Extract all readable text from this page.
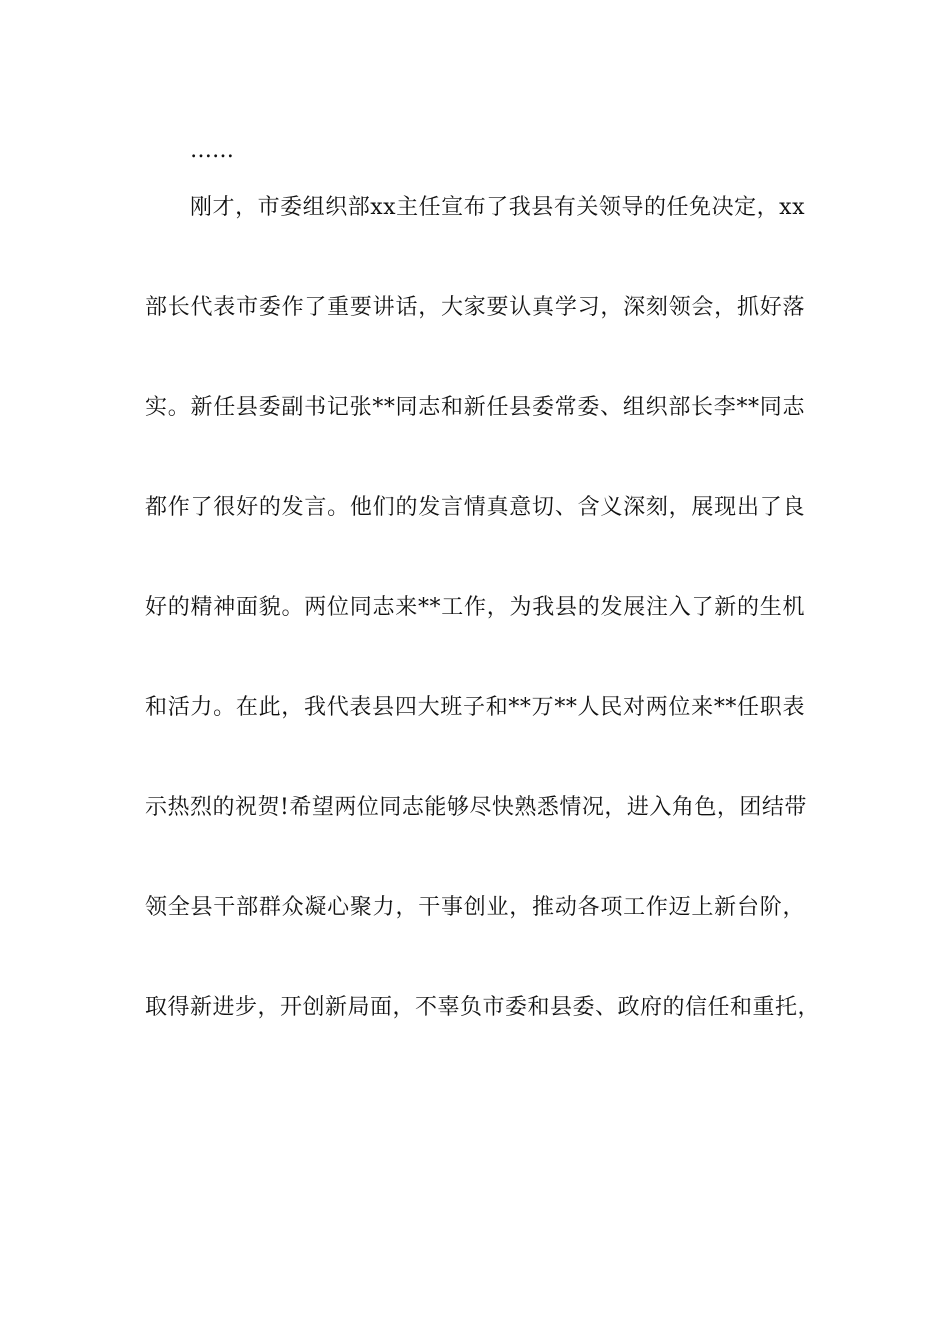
……
刚才，市委组织部xx主任宣布了我县有关领导的任免决定，xx
部长代表市委作了重要讲话，大家要认真学习，深刻领会，抓好落
实。新任县委副书记张**同志和新任县委常委、组织部长李**同志
都作了很好的发言。他们的发言情真意切、含义深刻，展现出了良
好的精神面貌。两位同志来**工作，为我县的发展注入了新的生机
和活力。在此，我代表县四大班子和**万**人民对两位来**任职表
示热烈的祝贺!希望两位同志能够尽快熟悉情况，进入角色，团结带
领全县干部群众凝心聚力，干事创业，推动各项工作迈上新台阶，
取得新进步，开创新局面，不辜负市委和县委、政府的信任和重托，
